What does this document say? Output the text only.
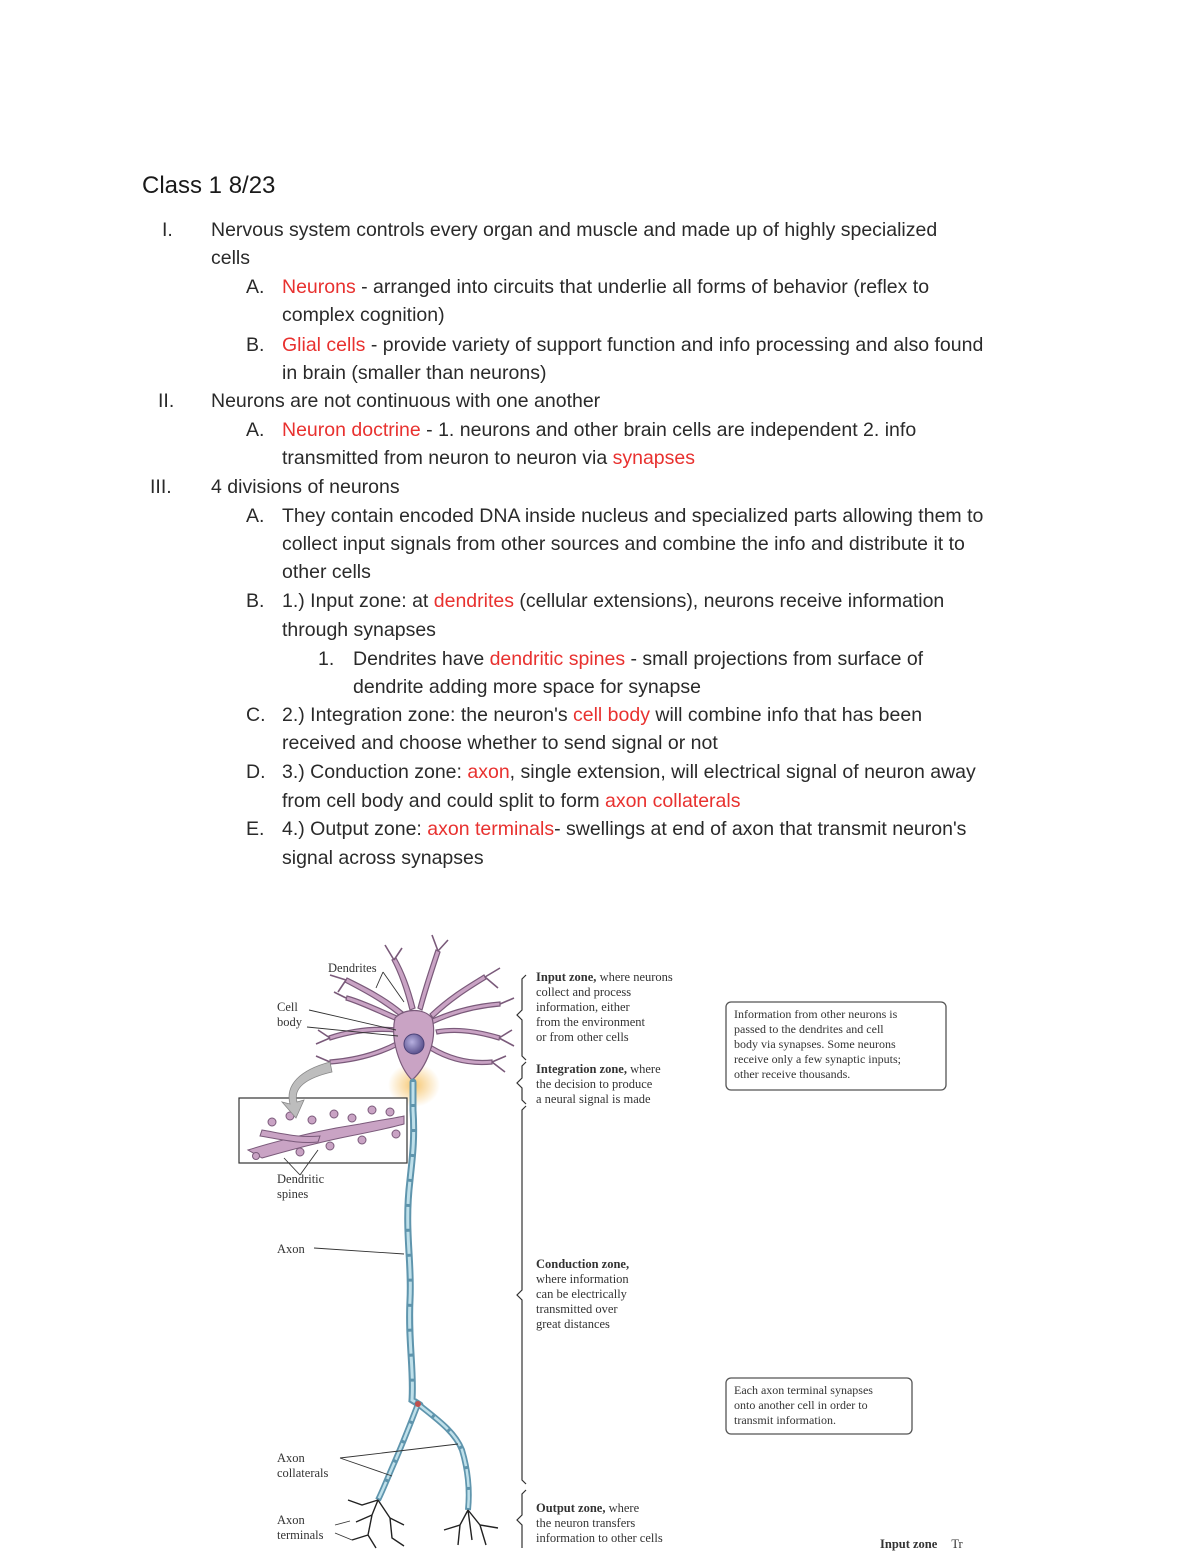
Class 1 8/23
I. Nervous system controls every organ and muscle and made up of highly specialized
cells
A. Neurons - arranged into circuits that underlie all forms of behavior (reflex to
complex cognition)
B. Glial cells - provide variety of support function and info processing and also found
in brain (smaller than neurons)
II. Neurons are not continuous with one another
A. Neuron doctrine - 1. neurons and other brain cells are independent 2. info
transmitted from neuron to neuron via synapses
III. 4 divisions of neurons
A. They contain encoded DNA inside nucleus and specialized parts allowing them to
collect input signals from other sources and combine the info and distribute it to
other cells
B. 1.) Input zone: at dendrites (cellular extensions), neurons receive information
through synapses
1. Dendrites have dendritic spines - small projections from surface of
dendrite adding more space for synapse
C. 2.) Integration zone: the neuron's cell body will combine info that has been
received and choose whether to send signal or not
D. 3.) Conduction zone: axon, single extension, will electrical signal of neuron away
from cell body and could split to form axon collaterals
E. 4.) Output zone: axon terminals- swellings at end of axon that transmit neuron's
signal across synapses
Dendrites
Cell
body
Dendritic
spines
Axon
Axon
collaterals
Axon
terminals
Input zone, where neurons
collect and process
information, either
from the environment
or from other cells
Integration zone, where
the decision to produce
a neural signal is made
Conduction zone,
where information
can be electrically
transmitted over
great distances
Output zone, where
the neuron transfers
information to other cells
Information from other neurons is
passed to the dendrites and cell
body via synapses. Some neurons
receive only a few synaptic inputs;
other receive thousands.
Each axon terminal synapses
onto another cell in order to
transmit information.
Input zone Tr
